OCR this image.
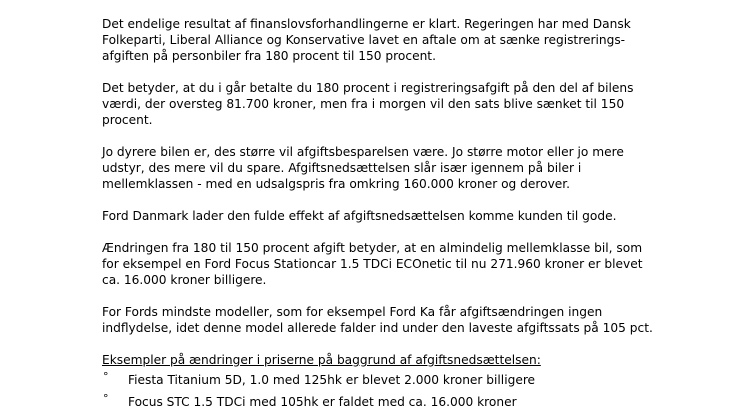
Det endelige resultat af finanslovsforhandlingerne er klart. Regeringen har med Dansk
Folkeparti, Liberal Alliance og Konservative lavet en aftale om at sænke registrerings-
afgiften på personbiler fra 180 procent til 150 procent.

Det betyder, at du i går betalte du 180 procent i registreringsafgift på den del af bilens
værdi, der oversteg 81.700 kroner, men fra i morgen vil den sats blive sænket til 150
procent.

Jo dyrere bilen er, des større vil afgiftsbesparelsen være. Jo større motor eller jo mere
udstyr, des mere vil du spare. Afgiftsnedsættelsen slår især igennem på biler i
mellemklassen - med en udsalgspris fra omkring 160.000 kroner og derover.

Ford Danmark lader den fulde effekt af afgiftsnedsættelsen komme kunden til gode.

Ændringen fra 180 til 150 procent afgift betyder, at en almindelig mellemklasse bil, som
for eksempel en Ford Focus Stationcar 1.5 TDCi ECOnetic til nu 271.960 kroner er blevet
ca. 16.000 kroner billigere.

For Fords mindste modeller, som for eksempel Ford Ka får afgiftsændringen ingen
indflydelse, idet denne model allerede falder ind under den laveste afgiftssats på 105 pct.

Eksempler på ændringer i priserne på baggrund af afgiftsnedsættelsen:

° Fiesta Titanium 5D, 1.0 med 125hk er blevet 2.000 kroner billigere
° Focus STC 1.5 TDCi med 105hk er faldet med ca. 16.000 kroner
